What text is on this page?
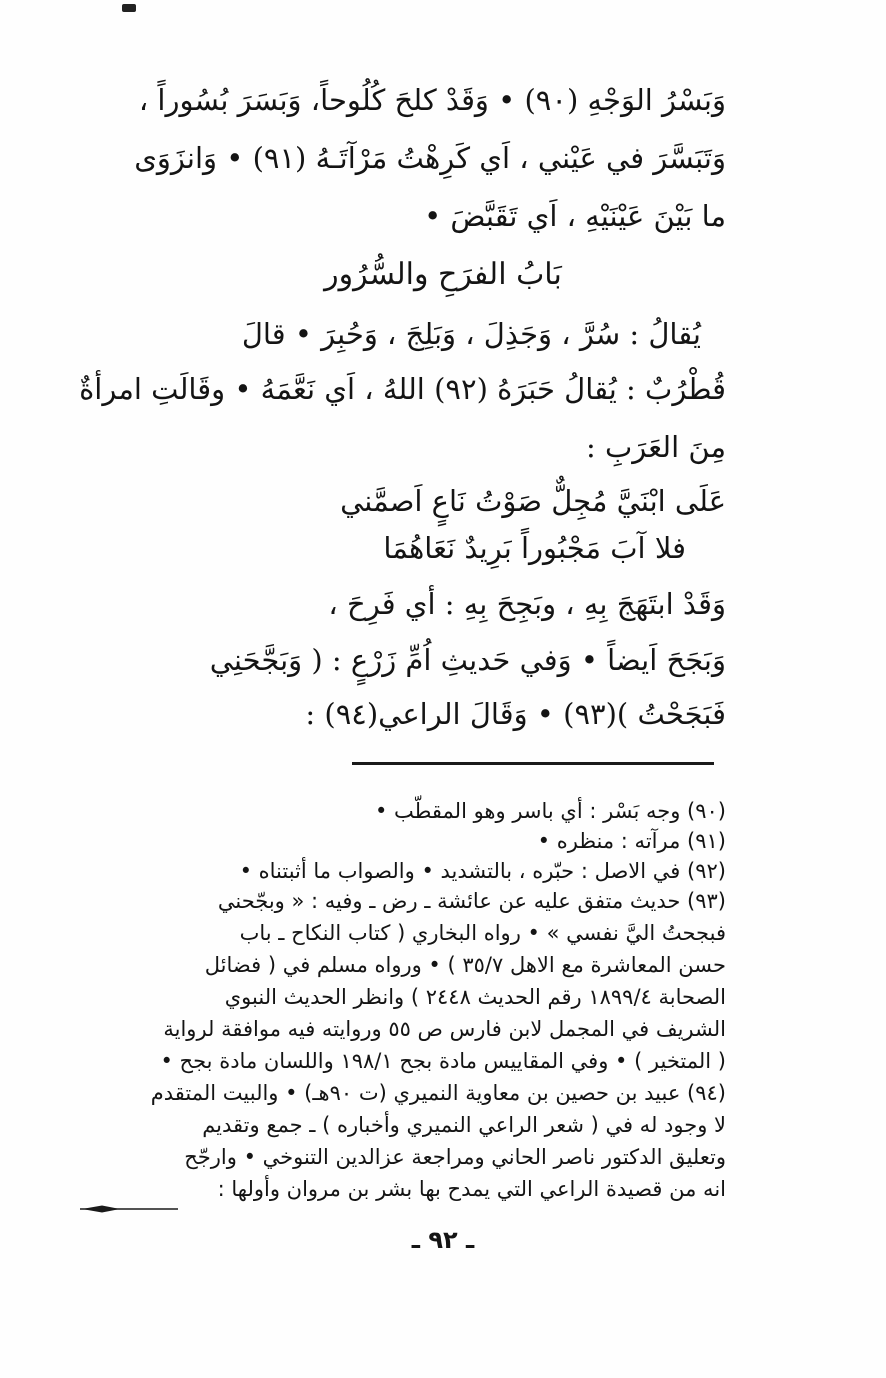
وَبَسْرُ الوَجْهِ (٩٠) • وَقَدْ كلحَ كُلُوحاً، وَبَسَرَ بُسُوراً ،
وَتَبَسَّرَ في عَيْني ، اَي كَرِهْتُ مَرْآتَـهُ (٩١) • وَانزَوَى
ما بَيْنَ عَيْنَيْهِ ، اَي تَقَبَّضَ •
بَابُ الفرَحِ والسُّرُور
يُقالُ : سُرَّ ، وَجَذِلَ ، وَبَلِجَ ، وَحُبِرَ • قالَ
قُطْرُبٌ : يُقالُ حَبَرَهُ (٩٢) اللهُ ، اَي نَعَّمَهُ • وقَالَتِ امرأةٌ
مِنَ العَرَبِ :
عَلَى ابْنَيَّ مُجِلٌّ صَوْتُ نَاعٍ اَصمَّني
فلا آبَ مَجْبُوراً بَرِيدٌ نَعَاهُمَا
وَقَدْ ابتَهَجَ بِهِ ، وبَجِحَ بِهِ : أي فَرِحَ ،
وَبَجَحَ اَيضاً • وَفي حَديثِ اُمِّ زَرْعٍ : ( وَبَجَّحَنِي
فَبَجَحْتُ )(٩٣) • وَقَالَ الراعي(٩٤) :
(٩٠) وجه بَسْر : أي باسر وهو المقطّب •
(٩١) مرآته : منظره •
(٩٢) في الاصل : حبّره ، بالتشديد • والصواب ما أثبتناه •
(٩٣) حديث متفق عليه عن عائشة ـ رض ـ وفيه : « وبجّحني
فبجحتُ اليَّ نفسي » • رواه البخاري ( كتاب النكاح ـ باب
حسن المعاشرة مع الاهل ٣٥/٧ ) • ورواه مسلم في ( فضائل
الصحابة ١٨٩٩/٤ رقم الحديث ٢٤٤٨ ) وانظر الحديث النبوي
الشريف في المجمل لابن فارس ص ٥٥ وروايته فيه موافقة لرواية
( المتخير ) • وفي المقاييس مادة بجح ١٩٨/١ واللسان مادة بجح •
(٩٤) عبيد بن حصين بن معاوية النميري (ت ٩٠هـ) • والبيت المتقدم
لا وجود له في ( شعر الراعي النميري وأخباره ) ـ جمع وتقديم
وتعليق الدكتور ناصر الحاني ومراجعة عزالدين التنوخي • وارجّح
انه من قصيدة الراعي التي يمدح بها بشر بن مروان وأولها :
ـ ٩٢ ـ
